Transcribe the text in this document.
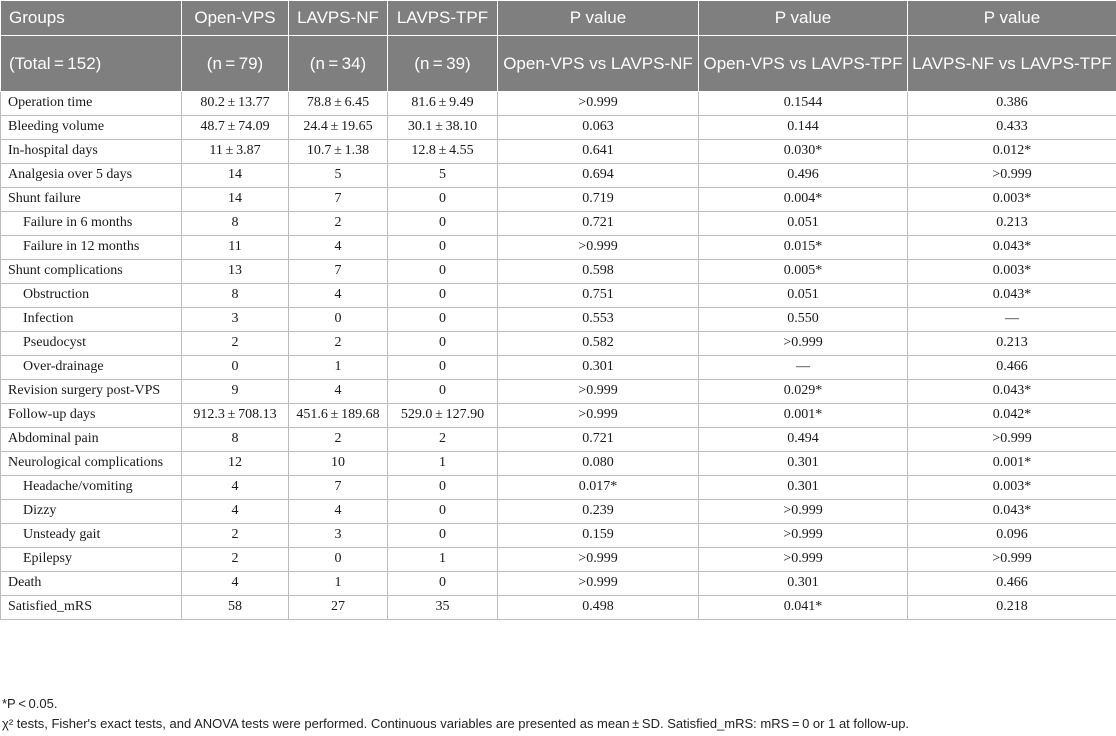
Groups	Open-VPS	LAVPS-NF	LAVPS-TPF	P value	P value	P value
(Total = 152)	(n = 79)	(n = 34)	(n = 39)	Open-VPS vs LAVPS-NF	Open-VPS vs LAVPS-TPF	LAVPS-NF vs LAVPS-TPF
Operation time	80.2 ± 13.77	78.8 ± 6.45	81.6 ± 9.49	>0.999	0.1544	0.386
Bleeding volume	48.7 ± 74.09	24.4 ± 19.65	30.1 ± 38.10	0.063	0.144	0.433
In-hospital days	11 ± 3.87	10.7 ± 1.38	12.8 ± 4.55	0.641	0.030*	0.012*
Analgesia over 5 days	14	5	5	0.694	0.496	>0.999
Shunt failure	14	7	0	0.719	0.004*	0.003*
Failure in 6 months	8	2	0	0.721	0.051	0.213
Failure in 12 months	11	4	0	>0.999	0.015*	0.043*
Shunt complications	13	7	0	0.598	0.005*	0.003*
Obstruction	8	4	0	0.751	0.051	0.043*
Infection	3	0	0	0.553	0.550	—
Pseudocyst	2	2	0	0.582	>0.999	0.213
Over-drainage	0	1	0	0.301	—	0.466
Revision surgery post-VPS	9	4	0	>0.999	0.029*	0.043*
Follow-up days	912.3 ± 708.13	451.6 ± 189.68	529.0 ± 127.90	>0.999	0.001*	0.042*
Abdominal pain	8	2	2	0.721	0.494	>0.999
Neurological complications	12	10	1	0.080	0.301	0.001*
Headache/vomiting	4	7	0	0.017*	0.301	0.003*
Dizzy	4	4	0	0.239	>0.999	0.043*
Unsteady gait	2	3	0	0.159	>0.999	0.096
Epilepsy	2	0	1	>0.999	>0.999	>0.999
Death	4	1	0	>0.999	0.301	0.466
Satisfied_mRS	58	27	35	0.498	0.041*	0.218

*P < 0.05.

χ² tests, Fisher's exact tests, and ANOVA tests were performed. Continuous variables are presented as mean ± SD. Satisfied_mRS: mRS = 0 or 1 at follow-up.
